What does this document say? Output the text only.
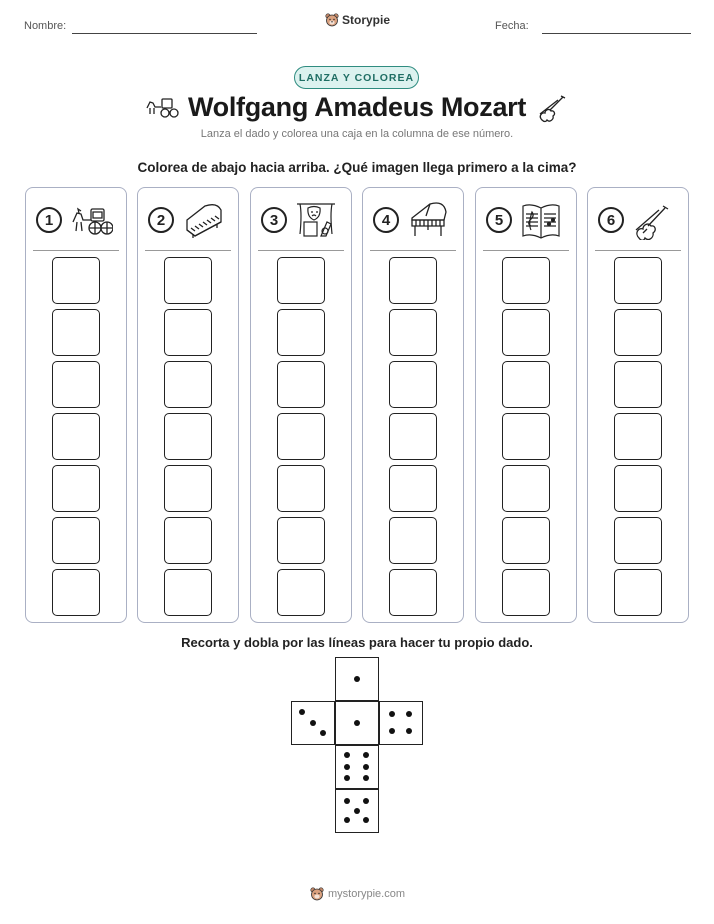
Nombre:	Storypie	Fecha:
LANZA Y COLOREA
Wolfgang Amadeus Mozart
Lanza el dado y colorea una caja en la columna de ese número.
Colorea de abajo hacia arriba. ¿Qué imagen llega primero a la cima?
1	2	3	4	5	6
Recorta y dobla por las líneas para hacer tu propio dado.
mystorypie.com
